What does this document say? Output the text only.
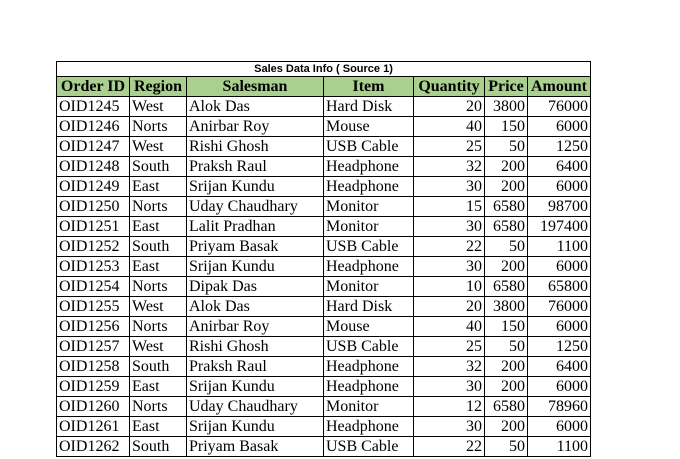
Sales Data Info ( Source 1)						
Order ID	Region	Salesman	Item	Quantity	Price	Amount
OID1245	West	Alok Das	Hard Disk	20	3800	76000
OID1246	Norts	Anirbar Roy	Mouse	40	150	6000
OID1247	West	Rishi Ghosh	USB Cable	25	50	1250
OID1248	South	Praksh Raul	Headphone	32	200	6400
OID1249	East	Srijan Kundu	Headphone	30	200	6000
OID1250	Norts	Uday Chaudhary	Monitor	15	6580	98700
OID1251	East	Lalit Pradhan	Monitor	30	6580	197400
OID1252	South	Priyam Basak	USB Cable	22	50	1100
OID1253	East	Srijan Kundu	Headphone	30	200	6000
OID1254	Norts	Dipak Das	Monitor	10	6580	65800
OID1255	West	Alok Das	Hard Disk	20	3800	76000
OID1256	Norts	Anirbar Roy	Mouse	40	150	6000
OID1257	West	Rishi Ghosh	USB Cable	25	50	1250
OID1258	South	Praksh Raul	Headphone	32	200	6400
OID1259	East	Srijan Kundu	Headphone	30	200	6000
OID1260	Norts	Uday Chaudhary	Monitor	12	6580	78960
OID1261	East	Srijan Kundu	Headphone	30	200	6000
OID1262	South	Priyam Basak	USB Cable	22	50	1100
